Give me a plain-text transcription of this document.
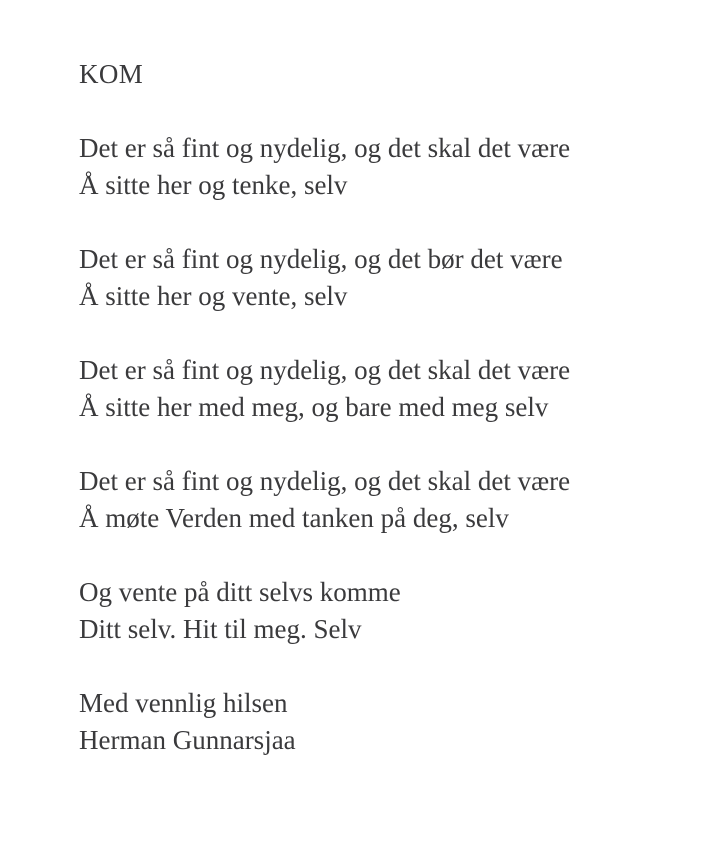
KOM

Det er så fint og nydelig, og det skal det være

Å sitte her og tenke, selv

Det er så fint og nydelig, og det bør det være

Å sitte her og vente, selv

Det er så fint og nydelig, og det skal det være

Å sitte her med meg, og bare med meg selv

Det er så fint og nydelig, og det skal det være

Å møte Verden med tanken på deg, selv

Og vente på ditt selvs komme

Ditt selv. Hit til meg. Selv

Med vennlig hilsen

Herman Gunnarsjaa
